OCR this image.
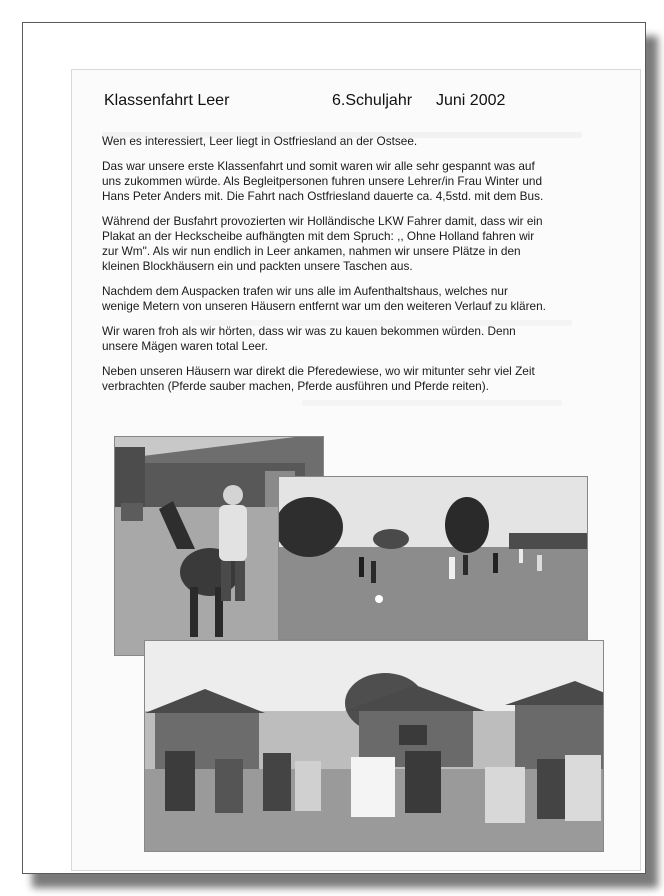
Klassenfahrt Leer	6.Schuljahr Juni 2002

Wen es interessiert, Leer liegt in Ostfriesland an der Ostsee.

Das war unsere erste Klassenfahrt und somit waren wir alle sehr gespannt was auf
uns zukommen würde. Als Begleitpersonen fuhren unsere Lehrer/in Frau Winter und
Hans Peter Anders mit. Die Fahrt nach Ostfriesland dauerte ca. 4,5std. mit dem Bus.

Während der Busfahrt provozierten wir Holländische LKW Fahrer damit, dass wir ein
Plakat an der Heckscheibe aufhängten mit dem Spruch: ,, Ohne Holland fahren wir
zur Wm". Als wir nun endlich in Leer ankamen, nahmen wir unsere Plätze in den
kleinen Blockhäusern ein und packten unsere Taschen aus.

Nachdem dem Auspacken trafen wir uns alle im Aufenthaltshaus, welches nur
wenige Metern von unseren Häusern entfernt war um den weiteren Verlauf zu klären.

Wir waren froh als wir hörten, dass wir was zu kauen bekommen würden. Denn
unsere Mägen waren total Leer.

Neben unseren Häusern war direkt die Pferedewiese, wo wir mitunter sehr viel Zeit
verbrachten (Pferde sauber machen, Pferde ausführen und Pferde reiten).
